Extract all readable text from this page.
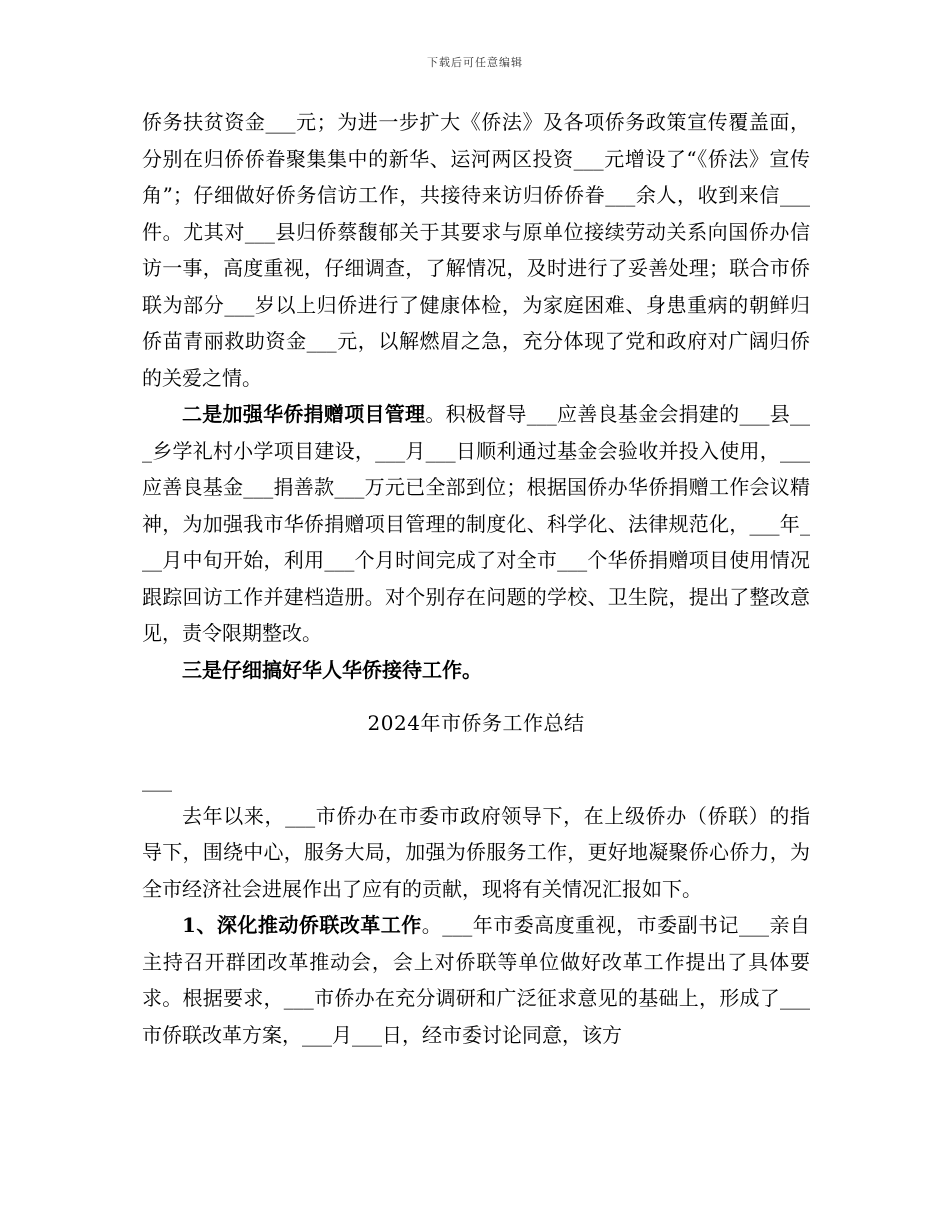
下载后可任意编辑

侨务扶贫资金___元；为进一步扩大《侨法》及各项侨务政策宣传覆盖面，分别在归侨侨眷聚集集中的新华、运河两区投资___元增设了“《侨法》宣传角”；仔细做好侨务信访工作，共接待来访归侨侨眷___余人，收到来信___件。尤其对___县归侨蔡馥郁关于其要求与原单位接续劳动关系向国侨办信访一事，高度重视，仔细调查，了解情况，及时进行了妥善处理；联合市侨联为部分___岁以上归侨进行了健康体检，为家庭困难、身患重病的朝鲜归侨苗青丽救助资金___元，以解燃眉之急，充分体现了党和政府对广阔归侨的关爱之情。

二是加强华侨捐赠项目管理。积极督导___应善良基金会捐建的___县___乡学礼村小学项目建设，___月___日顺利通过基金会验收并投入使用，___应善良基金___捐善款___万元已全部到位；根据国侨办华侨捐赠工作会议精神，为加强我市华侨捐赠项目管理的制度化、科学化、法律规范化，___年___月中旬开始，利用___个月时间完成了对全市___个华侨捐赠项目使用情况跟踪回访工作并建档造册。对个别存在问题的学校、卫生院，提出了整改意见，责令限期整改。

三是仔细搞好华人华侨接待工作。

2024年市侨务工作总结

___

去年以来，___市侨办在市委市政府领导下，在上级侨办（侨联）的指导下，围绕中心，服务大局，加强为侨服务工作，更好地凝聚侨心侨力，为全市经济社会进展作出了应有的贡献，现将有关情况汇报如下。

1、深化推动侨联改革工作。___年市委高度重视，市委副书记___亲自主持召开群团改革推动会，会上对侨联等单位做好改革工作提出了具体要求。根据要求，___市侨办在充分调研和广泛征求意见的基础上，形成了___市侨联改革方案，___月___日，经市委讨论同意，该方
